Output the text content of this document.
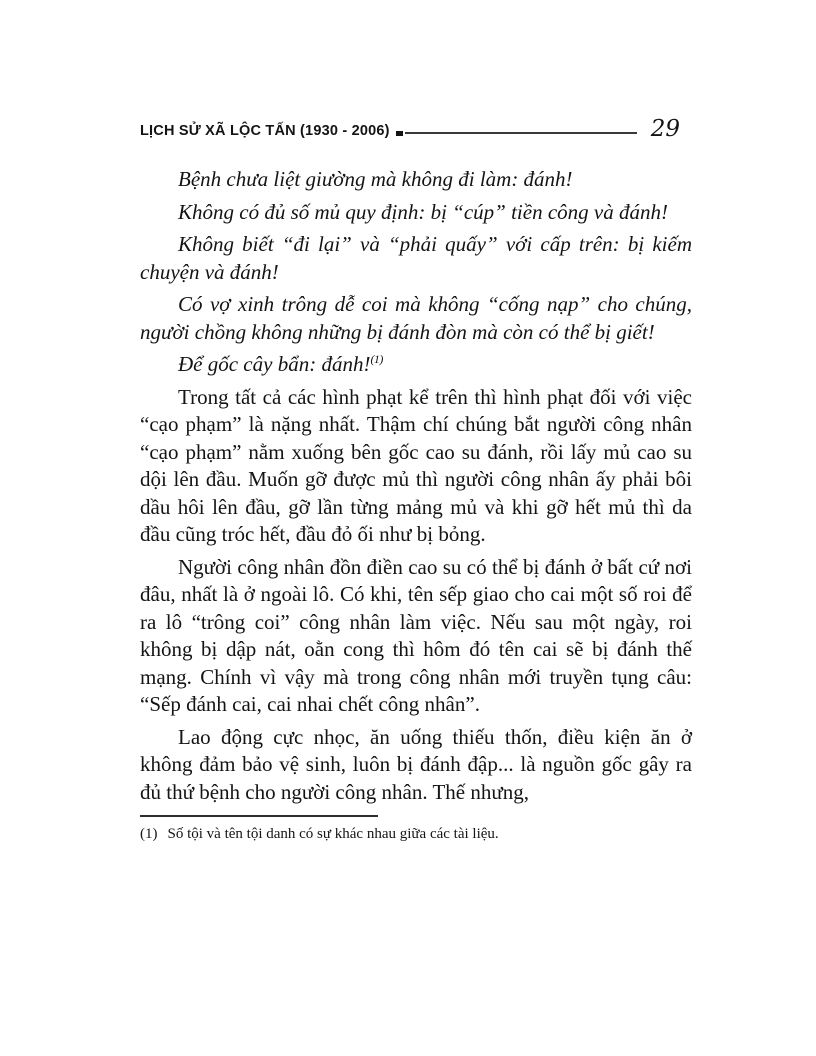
LỊCH SỬ XÃ LỘC TẤN (1930 - 2006)	29

Bệnh chưa liệt giường mà không đi làm: đánh!

Không có đủ số mủ quy định: bị “cúp” tiền công và đánh!

Không biết “đi lại” và “phải quấy” với cấp trên: bị kiếm chuyện và đánh!

Có vợ xinh trông dễ coi mà không “cống nạp” cho chúng, người chồng không những bị đánh đòn mà còn có thể bị giết!

Để gốc cây bẩn: đánh!$^{(1)}$

Trong tất cả các hình phạt kể trên thì hình phạt đối với việc “cạo phạm” là nặng nhất. Thậm chí chúng bắt người công nhân “cạo phạm” nằm xuống bên gốc cao su đánh, rồi lấy mủ cao su dội lên đầu. Muốn gỡ được mủ thì người công nhân ấy phải bôi dầu hôi lên đầu, gỡ lần từng mảng mủ và khi gỡ hết mủ thì da đầu cũng tróc hết, đầu đỏ ối như bị bỏng.

Người công nhân đồn điền cao su có thể bị đánh ở bất cứ nơi đâu, nhất là ở ngoài lô. Có khi, tên sếp giao cho cai một số roi để ra lô “trông coi” công nhân làm việc. Nếu sau một ngày, roi không bị dập nát, oằn cong thì hôm đó tên cai sẽ bị đánh thế mạng. Chính vì vậy mà trong công nhân mới truyền tụng câu: “Sếp đánh cai, cai nhai chết công nhân”.

Lao động cực nhọc, ăn uống thiếu thốn, điều kiện ăn ở không đảm bảo vệ sinh, luôn bị đánh đập... là nguồn gốc gây ra đủ thứ bệnh cho người công nhân. Thế nhưng,

(1) Số tội và tên tội danh có sự khác nhau giữa các tài liệu.
